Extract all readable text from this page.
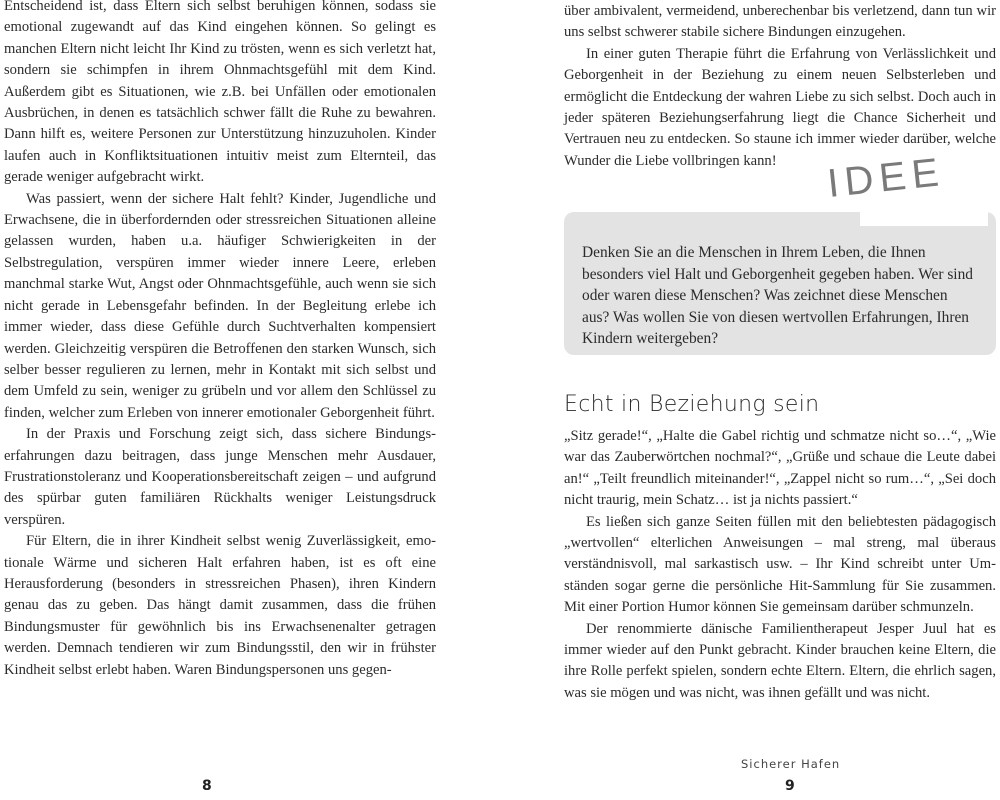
Entscheidend ist, dass Eltern sich selbst beruhigen können, sodass sie emotional zugewandt auf das Kind eingehen können. So gelingt es manchen Eltern nicht leicht Ihr Kind zu trösten, wenn es sich verletzt hat, sondern sie schimpfen in ihrem Ohnmachtsgefühl mit dem Kind. Außerdem gibt es Situationen, wie z.B. bei Unfällen oder emotionalen Ausbrüchen, in denen es tatsächlich schwer fällt die Ruhe zu bewahren. Dann hilft es, weitere Personen zur Unterstützung hinzuzuholen. Kinder laufen auch in Konfliktsituationen intuitiv meist zum Elternteil, das gerade weniger aufgebracht wirkt.

Was passiert, wenn der sichere Halt fehlt? Kinder, Jugendliche und Erwachsene, die in überfordernden oder stressreichen Situationen alleine gelassen wurden, haben u.a. häufiger Schwierigkeiten in der Selbstregulation, verspüren immer wieder innere Leere, erleben manchmal starke Wut, Angst oder Ohnmachtsgefühle, auch wenn sie sich nicht gerade in Lebensgefahr befinden. In der Begleitung erlebe ich immer wieder, dass diese Gefühle durch Suchtverhalten kompensiert werden. Gleichzeitig verspüren die Betroffenen den starken Wunsch, sich selber besser regulieren zu lernen, mehr in Kontakt mit sich selbst und dem Umfeld zu sein, weniger zu grübeln und vor allem den Schlüssel zu finden, welcher zum Erleben von innerer emotionaler Geborgenheit führt.

In der Praxis und Forschung zeigt sich, dass sichere Bindungserfahrungen dazu beitragen, dass junge Menschen mehr Ausdauer, Frustrationstoleranz und Kooperationsbereitschaft zeigen – und aufgrund des spürbar guten familiären Rückhalts weniger Leistungsdruck verspüren.

Für Eltern, die in ihrer Kindheit selbst wenig Zuverlässigkeit, emotionale Wärme und sicheren Halt erfahren haben, ist es oft eine Herausforderung (besonders in stressreichen Phasen), ihren Kindern genau das zu geben. Das hängt damit zusammen, dass die frühen Bindungsmuster für gewöhnlich bis ins Erwachsenenalter getragen werden. Demnach tendieren wir zum Bindungsstil, den wir in frühster Kindheit selbst erlebt haben. Waren Bindungspersonen uns gegen-

8

über ambivalent, vermeidend, unberechenbar bis verletzend, dann tun wir uns selbst schwerer stabile sichere Bindungen einzugehen.

In einer guten Therapie führt die Erfahrung von Verlässlichkeit und Geborgenheit in der Beziehung zu einem neuen Selbsterleben und ermöglicht die Entdeckung der wahren Liebe zu sich selbst. Doch auch in jeder späteren Beziehungserfahrung liegt die Chance Sicherheit und Vertrauen neu zu entdecken. So staune ich immer wieder darüber, welche Wunder die Liebe vollbringen kann!

Denken Sie an die Menschen in Ihrem Leben, die Ihnen besonders viel Halt und Geborgenheit gegeben haben. Wer sind oder waren diese Menschen? Was zeichnet diese Menschen aus? Was wollen Sie von diesen wertvollen Erfahrungen, Ihren Kindern weitergeben?
IDEE
Echt in Beziehung sein

„Sitz gerade!“, „Halte die Gabel richtig und schmatze nicht so…“, „Wie war das Zauberwörtchen nochmal?“, „Grüße und schaue die Leute dabei an!“ „Teilt freundlich miteinander!“, „Zappel nicht so rum…“, „Sei doch nicht traurig, mein Schatz… ist ja nichts passiert.“

Es ließen sich ganze Seiten füllen mit den beliebtesten pädagogisch „wertvollen“ elterlichen Anweisungen – mal streng, mal überaus verständnisvoll, mal sarkastisch usw. – Ihr Kind schreibt unter Umständen sogar gerne die persönliche Hit-Sammlung für Sie zusammen. Mit einer Portion Humor können Sie gemeinsam darüber schmunzeln.

Der renommierte dänische Familientherapeut Jesper Juul hat es immer wieder auf den Punkt gebracht. Kinder brauchen keine Eltern, die ihre Rolle perfekt spielen, sondern echte Eltern. Eltern, die ehrlich sagen, was sie mögen und was nicht, was ihnen gefällt und was nicht.

Sicherer Hafen
9
